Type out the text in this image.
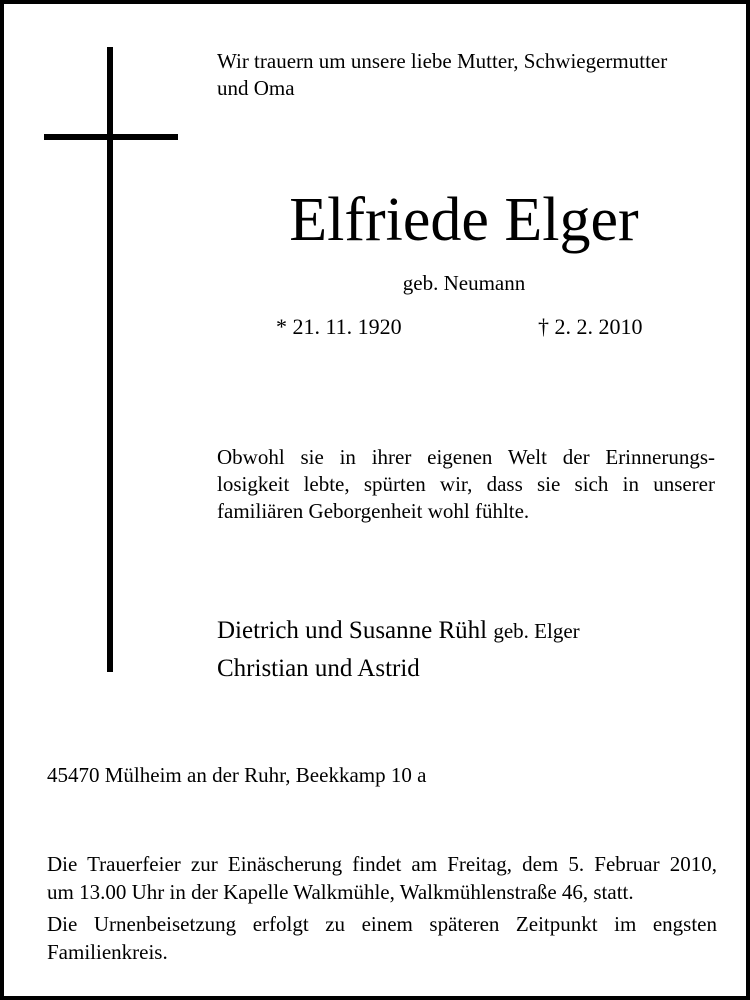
Wir trauern um unsere liebe Mutter, Schwiegermutter
und Oma
Elfriede Elger
geb. Neumann
* 21. 11. 1920	† 2. 2. 2010
Obwohl sie in ihrer eigenen Welt der Erinnerungs-
losigkeit lebte, spürten wir, dass sie sich in unserer
familiären Geborgenheit wohl fühlte.
Dietrich und Susanne Rühl geb. Elger
Christian und Astrid
45470 Mülheim an der Ruhr, Beekkamp 10 a
Die Trauerfeier zur Einäscherung findet am Freitag, dem 5. Februar 2010,
um 13.00 Uhr in der Kapelle Walkmühle, Walkmühlenstraße 46, statt.
Die Urnenbeisetzung erfolgt zu einem späteren Zeitpunkt im engsten
Familienkreis.
